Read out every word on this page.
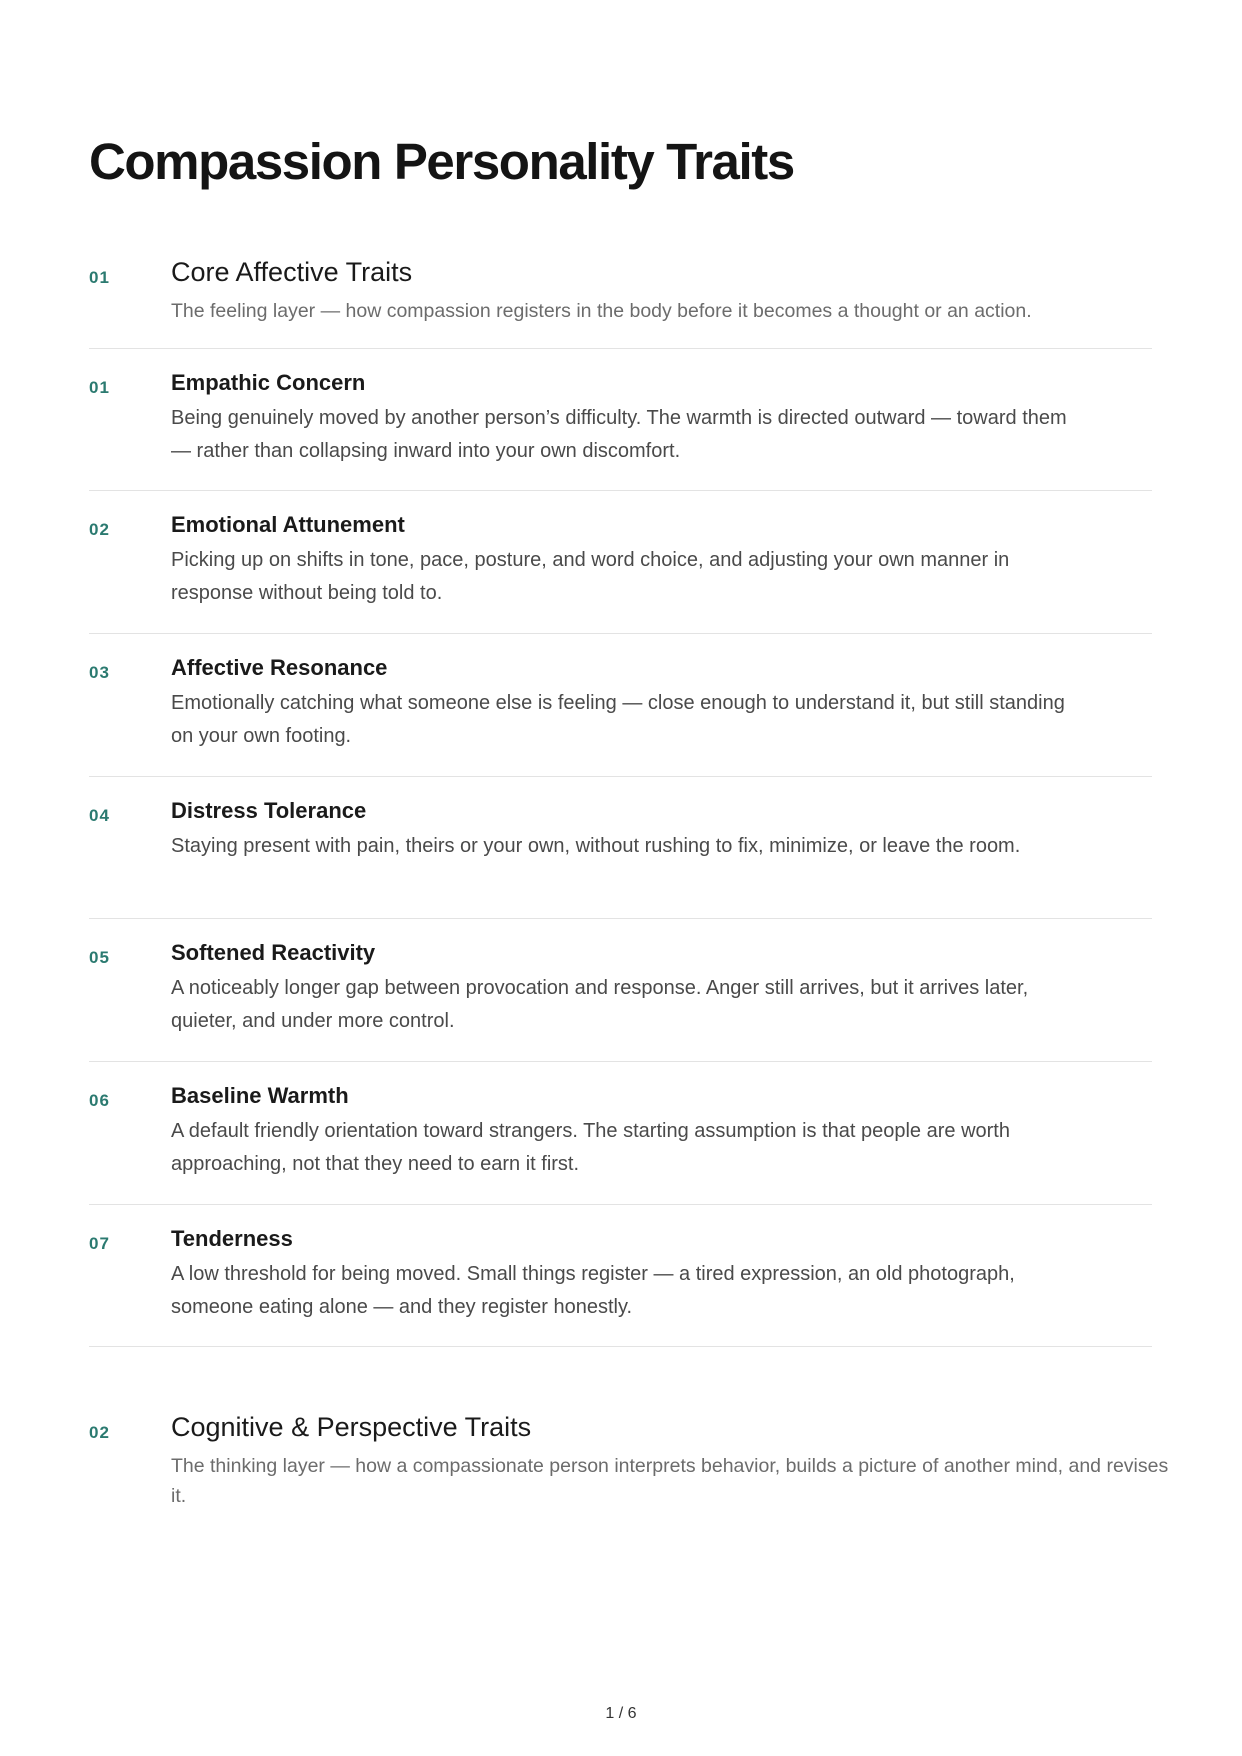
Compassion Personality Traits
01 Core Affective Traits

The feeling layer — how compassion registers in the body before it becomes a thought or an action.

01	Empathic Concern

Being genuinely moved by another person’s difficulty. The warmth is directed outward — toward them — rather than collapsing inward into your own discomfort.

02	Emotional Attunement

Picking up on shifts in tone, pace, posture, and word choice, and adjusting your own manner in response without being told to.

03	Affective Resonance

Emotionally catching what someone else is feeling — close enough to understand it, but still standing on your own footing.

04	Distress Tolerance

Staying present with pain, theirs or your own, without rushing to fix, minimize, or leave the room.

05	Softened Reactivity

A noticeably longer gap between provocation and response. Anger still arrives, but it arrives later, quieter, and under more control.

06	Baseline Warmth

A default friendly orientation toward strangers. The starting assumption is that people are worth approaching, not that they need to earn it first.

07	Tenderness

A low threshold for being moved. Small things register — a tired expression, an old photograph, someone eating alone — and they register honestly.

02 Cognitive & Perspective Traits

The thinking layer — how a compassionate person interprets behavior, builds a picture of another mind, and revises it.

1 / 6
